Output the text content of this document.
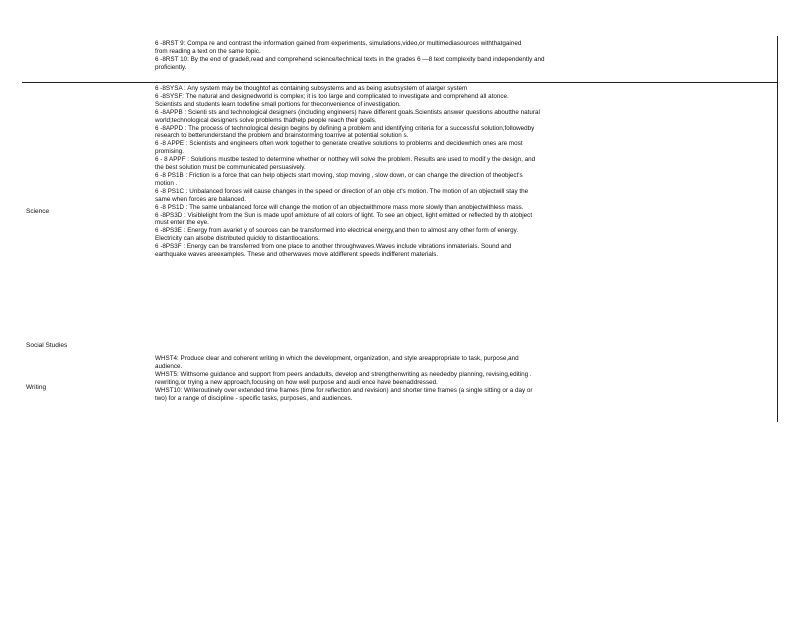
6 -8RST 9: Compa re and contrast the information gained from experiments, simulations,video,or multimediasources withthatgained

from reading a text on the same topic.

6 -8RST 10: By the end of grade8,read and comprehend science/technical texts in the grades 6 —8 text complexity band independently and

proficiently.

Science
Social Studies
Writing

6 -8SYSA : Any system may be thoughtof as containing subsystems and as being asubsystem of alarger system

6 -8SYSF: The natural and designedworld is complex; it is too large and complicated to investigate and comprehend all atonce.

Scientists and students learn todefine small portions for theconvenience of investigation.

6 -8APPB : Scienti sts and technological designers (including engineers) have different goals.Scientists answer questions aboutthe natural

world;technological designers solve problems thathelp people reach their goals.

6 -8APPD : The process of technological design begins by defining a problem and identifying criteria for a successful solution,followedby

research to betterunderstand the problem and brainstorming toarrive at potential solution s.

6 -8 APPE : Scientists and engineers often work together to generate creative solutions to problems and decidewhich ones are most

promising.

6 - 8 APPF : Solutions mustbe tested to determine whether or notthey will solve the problem. Results are used to modif y the design, and

the best solution must be communicated persuasively.

6 -8 PS1B : Friction is a force that can help objects start moving, stop moving , slow down, or can change the direction of theobject's

motion .

6 -8 PS1C : Unbalanced forces will cause changes in the speed or direction of an obje ct's motion. The motion of an objectwill stay the

same when forces are balanced.

6 -8 PS1D : The same unbalanced force will change the motion of an objectwithmore mass more slowly than anobjectwithless mass.

6 -8PS3D : Visiblelight from the Sun is made upof amixture of all colors of light. To see an object, light emitted or reflected by th atobject

must enter the eye.

6 -8PS3E : Energy from avariet y of sources can be transformed into electrical energy,and then to almost any other form of energy.

Electricity can alsobe distributed quickly to distantlocations.

6 -8PS3F : Energy can be transferred from one place to another throughwaves.Waves include vibrations inmaterials. Sound and

earthquake waves areexamples. These and otherwaves move atdifferent speeds indifferent materials.

WHST4: Produce clear and coherent writing in which the development, organization, and style areappropriate to task, purpose,and

audience.

WHST5: Withsome guidance and support from peers andadults, develop and strengthenwriting as neededby planning, revising,editing .

rewriting,or trying a new approach,focusing on how well purpose and audi ence have beenaddressed.

WHST10: Writeroutinely over extended time frames (time for reflection and revision) and shorter time frames (a single sitting or a day or

two) for a range of discipline - specific tasks, purposes, and audiences.
